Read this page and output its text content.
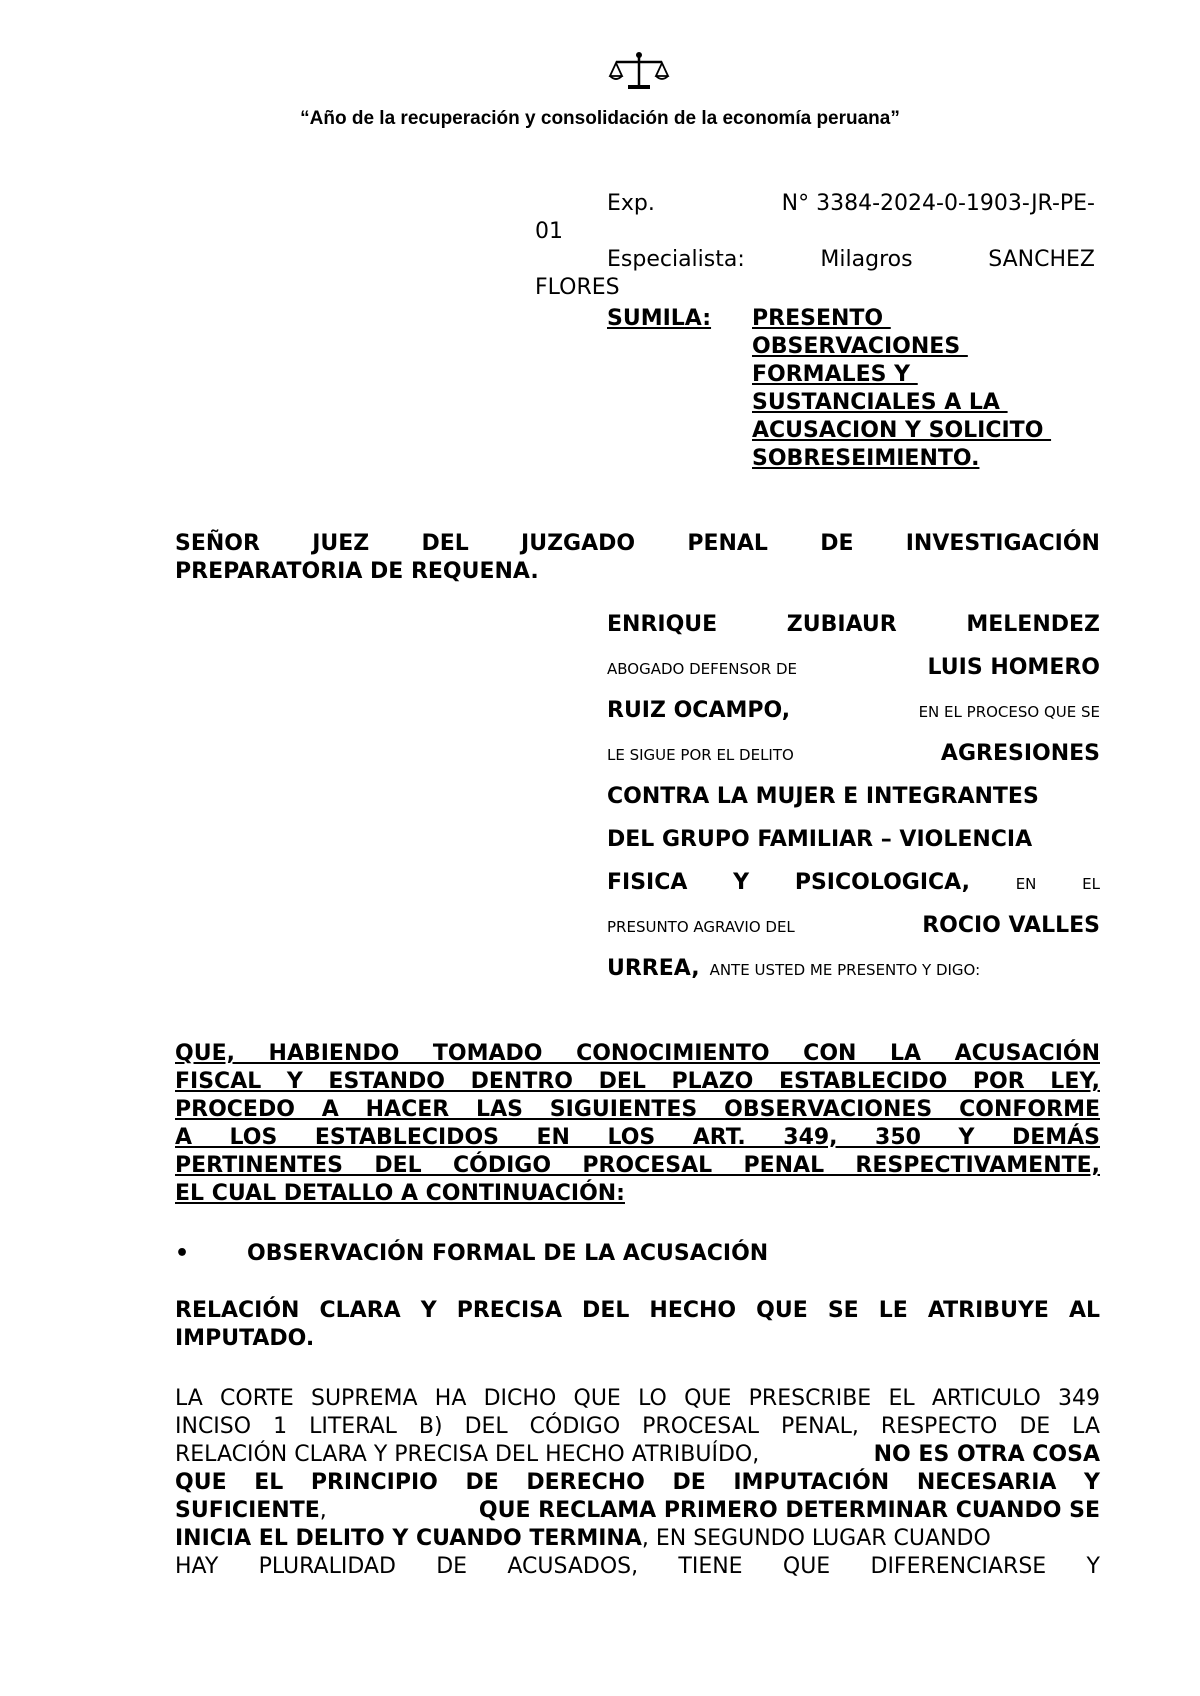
“Año de la recuperación y consolidación de la economía peruana”
Exp.	N° 3384-2024-0-1903-JR-PE-
01
Especialista:	Milagros	SANCHEZ
FLORES
SUMILA:	PRESENTO
OBSERVACIONES
FORMALES Y
SUSTANCIALES A LA
ACUSACION Y SOLICITO
SOBRESEIMIENTO.
SEÑOR JUEZ DEL JUZGADO PENAL DE INVESTIGACIÓN
PREPARATORIA DE REQUENA.
ENRIQUE	ZUBIAUR	MELENDEZ
ABOGADO DEFENSOR DE	LUIS HOMERO
RUIZ OCAMPO,	EN EL PROCESO QUE SE
LE SIGUE POR EL DELITO	AGRESIONES
CONTRA LA MUJER E INTEGRANTES
DEL GRUPO FAMILIAR – VIOLENCIA
FISICA Y PSICOLOGICA,	EN	EL
PRESUNTO AGRAVIO DEL	ROCIO VALLES
URREA, ANTE USTED ME PRESENTO Y DIGO:
QUE, HABIENDO TOMADO CONOCIMIENTO CON LA ACUSACIÓN
FISCAL Y ESTANDO DENTRO DEL PLAZO ESTABLECIDO POR LEY,
PROCEDO A HACER LAS SIGUIENTES OBSERVACIONES CONFORME
A LOS ESTABLECIDOS EN LOS ART. 349, 350 Y DEMÁS
PERTINENTES DEL CÓDIGO PROCESAL PENAL RESPECTIVAMENTE,
EL CUAL DETALLO A CONTINUACIÓN:
•	OBSERVACIÓN FORMAL DE LA ACUSACIÓN
RELACIÓN CLARA Y PRECISA DEL HECHO QUE SE LE ATRIBUYE AL
IMPUTADO.
LA CORTE SUPREMA HA DICHO QUE LO QUE PRESCRIBE EL ARTICULO 349
INCISO 1 LITERAL B) DEL CÓDIGO PROCESAL PENAL, RESPECTO DE LA
RELACIÓN CLARA Y PRECISA DEL HECHO ATRIBUÍDO,	NO ES OTRA COSA
QUE EL PRINCIPIO DE DERECHO DE IMPUTACIÓN NECESARIA Y
SUFICIENTE,	QUE RECLAMA PRIMERO DETERMINAR CUANDO SE
INICIA EL DELITO Y CUANDO TERMINA, EN SEGUNDO LUGAR CUANDO
HAY PLURALIDAD DE ACUSADOS, TIENE QUE DIFERENCIARSE Y
